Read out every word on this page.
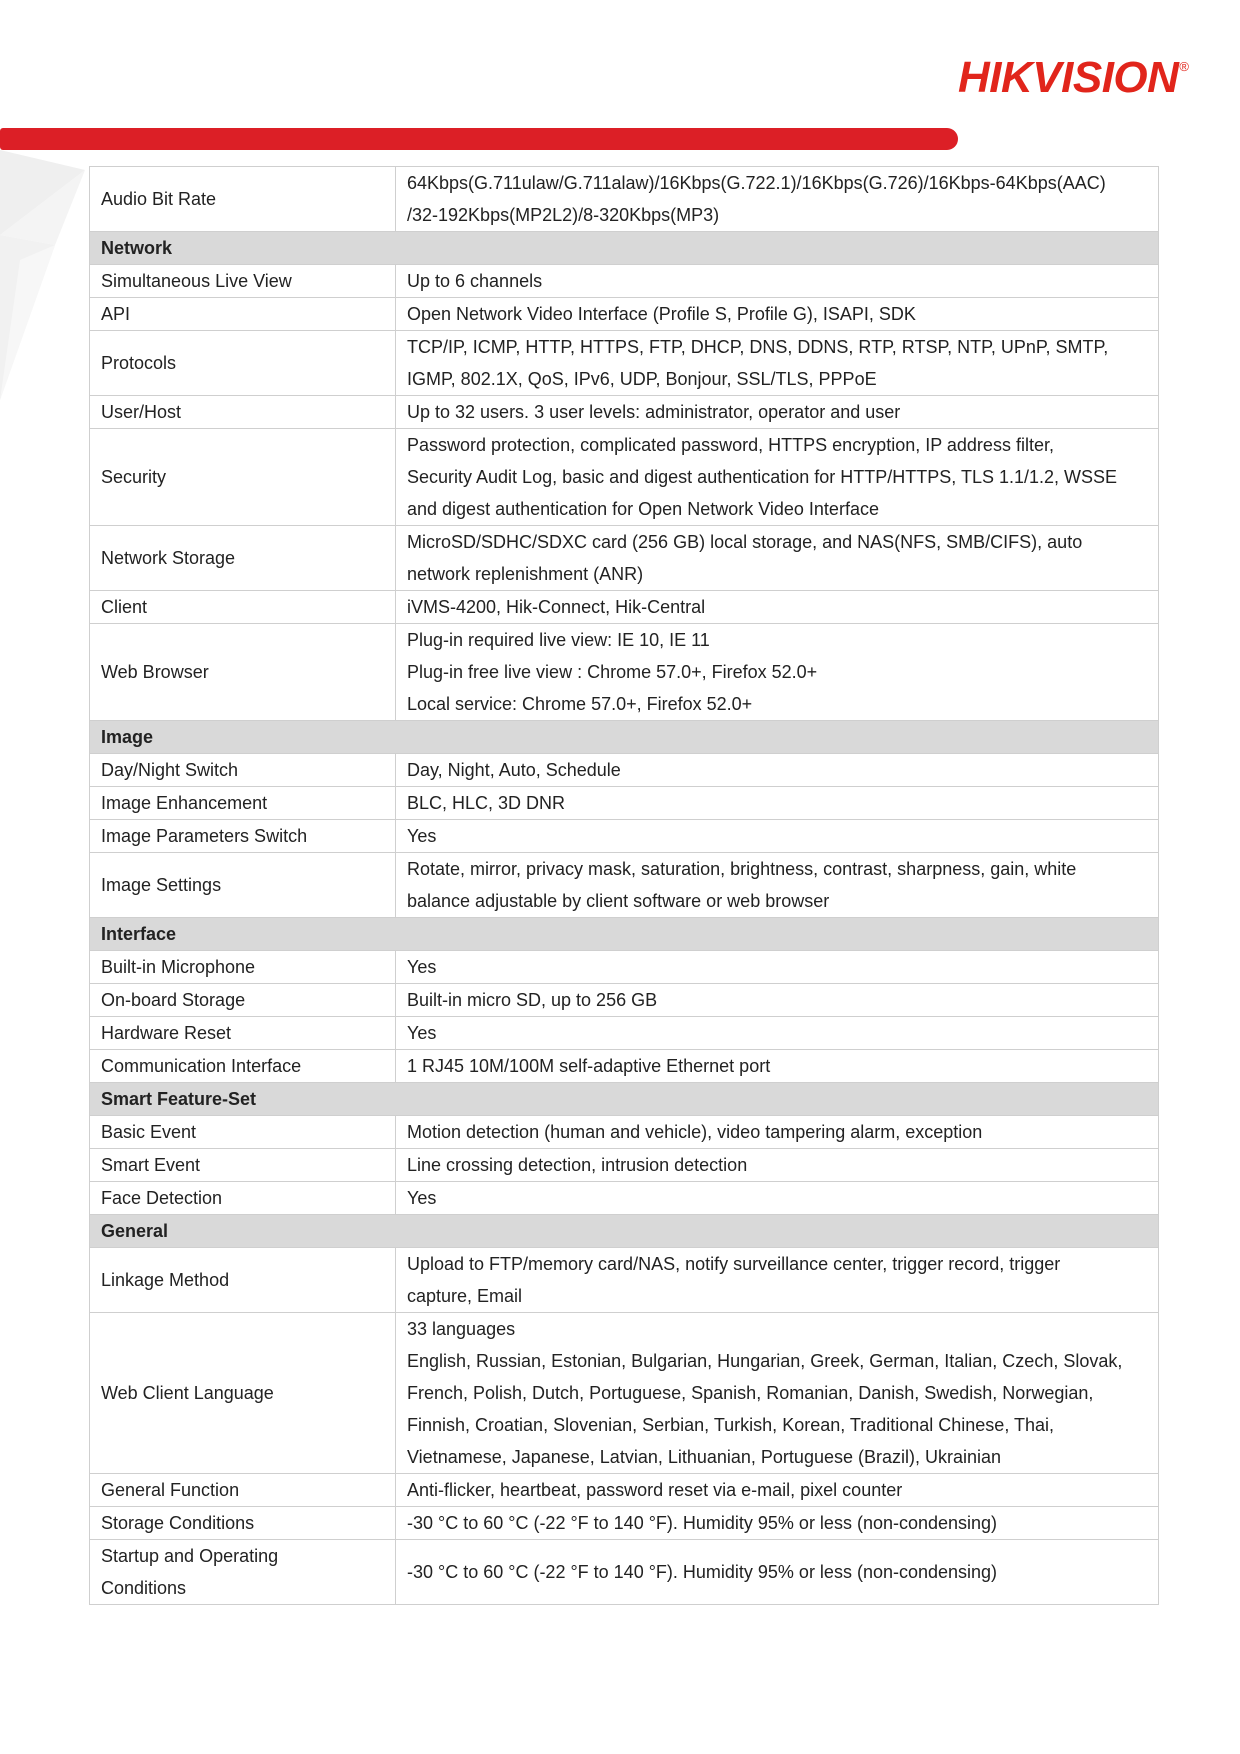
HIKVISION®
Audio Bit Rate	64Kbps(G.711ulaw/G.711alaw)/16Kbps(G.722.1)/16Kbps(G.726)/16Kbps-64Kbps(AAC)
/32-192Kbps(MP2L2)/8-320Kbps(MP3)

Network	
Simultaneous Live View	Up to 6 channels

API	Open Network Video Interface (Profile S, Profile G), ISAPI, SDK

Protocols	TCP/IP, ICMP, HTTP, HTTPS, FTP, DHCP, DNS, DDNS, RTP, RTSP, NTP, UPnP, SMTP,
IGMP, 802.1X, QoS, IPv6, UDP, Bonjour, SSL/TLS, PPPoE

User/Host	Up to 32 users. 3 user levels: administrator, operator and user

Security	Password protection, complicated password, HTTPS encryption, IP address filter,
Security Audit Log, basic and digest authentication for HTTP/HTTPS, TLS 1.1/1.2, WSSE
and digest authentication for Open Network Video Interface

Network Storage	MicroSD/SDHC/SDXC card (256 GB) local storage, and NAS(NFS, SMB/CIFS), auto
network replenishment (ANR)

Client	iVMS-4200, Hik-Connect, Hik-Central

Web Browser	Plug-in required live view: IE 10, IE 11
Plug-in free live view : Chrome 57.0+, Firefox 52.0+
Local service: Chrome 57.0+, Firefox 52.0+

Image	
Day/Night Switch	Day, Night, Auto, Schedule

Image Enhancement	BLC, HLC, 3D DNR

Image Parameters Switch	Yes

Image Settings	Rotate, mirror, privacy mask, saturation, brightness, contrast, sharpness, gain, white
balance adjustable by client software or web browser

Interface	
Built-in Microphone	Yes

On-board Storage	Built-in micro SD, up to 256 GB

Hardware Reset	Yes

Communication Interface	1 RJ45 10M/100M self-adaptive Ethernet port

Smart Feature-Set	
Basic Event	Motion detection (human and vehicle), video tampering alarm, exception

Smart Event	Line crossing detection, intrusion detection

Face Detection	Yes

General	
Linkage Method	Upload to FTP/memory card/NAS, notify surveillance center, trigger record, trigger
capture, Email

Web Client Language	33 languages
English, Russian, Estonian, Bulgarian, Hungarian, Greek, German, Italian, Czech, Slovak,
French, Polish, Dutch, Portuguese, Spanish, Romanian, Danish, Swedish, Norwegian,
Finnish, Croatian, Slovenian, Serbian, Turkish, Korean, Traditional Chinese, Thai,
Vietnamese, Japanese, Latvian, Lithuanian, Portuguese (Brazil), Ukrainian

General Function	Anti-flicker, heartbeat, password reset via e-mail, pixel counter

Storage Conditions	-30 °C to 60 °C (-22 °F to 140 °F). Humidity 95% or less (non-condensing)

Startup and Operating
Conditions	-30 °C to 60 °C (-22 °F to 140 °F). Humidity 95% or less (non-condensing)
